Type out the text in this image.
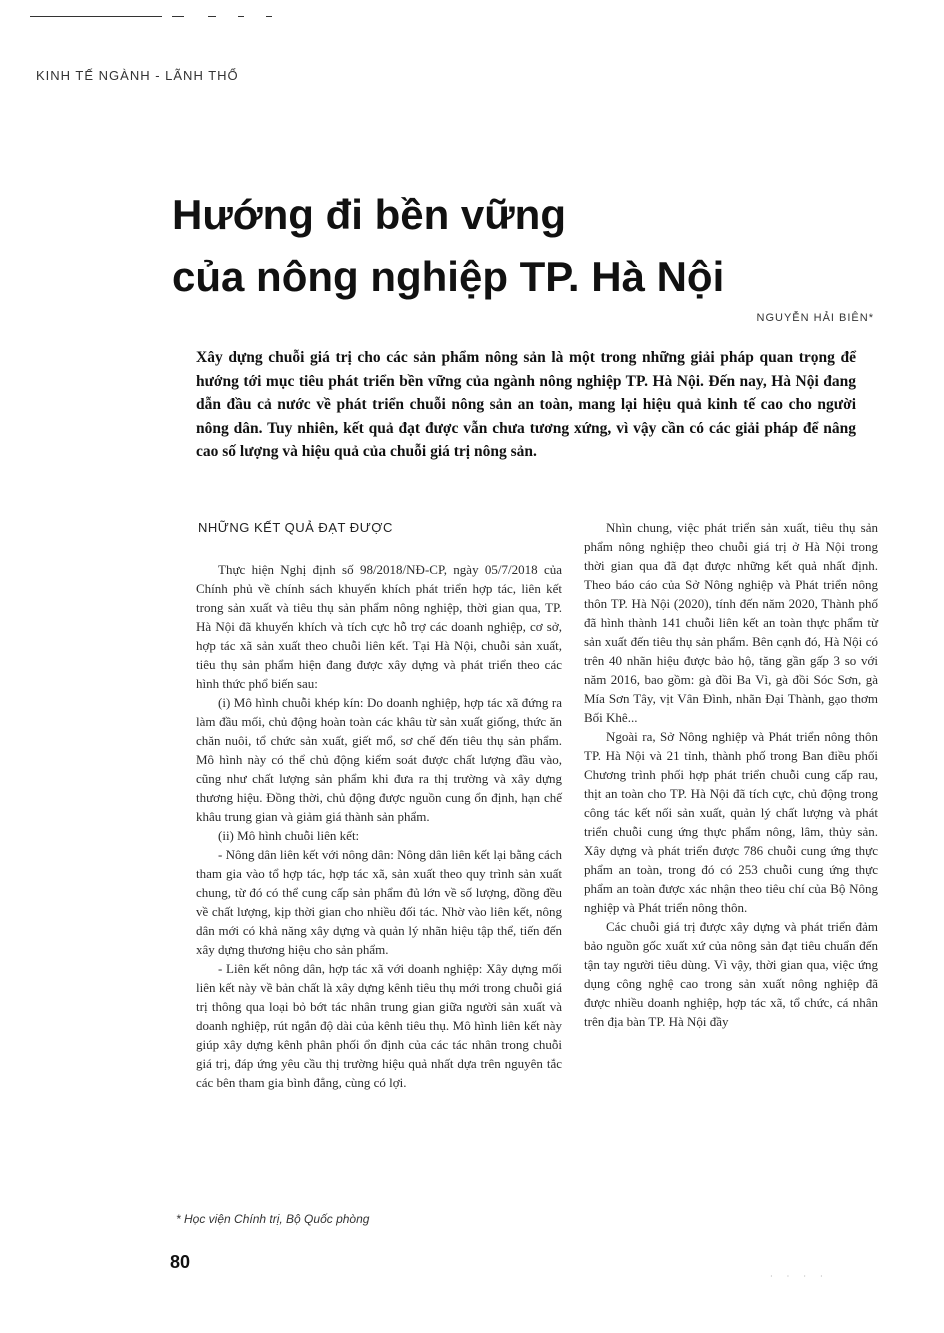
KINH TẾ NGÀNH - LÃNH THỔ
Hướng đi bền vững
của nông nghiệp TP. Hà Nội
NGUYỄN HẢI BIÊN*

Xây dựng chuỗi giá trị cho các sản phẩm nông sản là một trong những giải pháp quan trọng để hướng tới mục tiêu phát triển bền vững của ngành nông nghiệp TP. Hà Nội. Đến nay, Hà Nội đang dẫn đầu cả nước về phát triển chuỗi nông sản an toàn, mang lại hiệu quả kinh tế cao cho người nông dân. Tuy nhiên, kết quả đạt được vẫn chưa tương xứng, vì vậy cần có các giải pháp để nâng cao số lượng và hiệu quả của chuỗi giá trị nông sản.

NHỮNG KẾT QUẢ ĐẠT ĐƯỢC

Thực hiện Nghị định số 98/2018/NĐ-CP, ngày 05/7/2018 của Chính phủ về chính sách khuyến khích phát triển hợp tác, liên kết trong sản xuất và tiêu thụ sản phẩm nông nghiệp, thời gian qua, TP. Hà Nội đã khuyến khích và tích cực hỗ trợ các doanh nghiệp, cơ sở, hợp tác xã sản xuất theo chuỗi liên kết. Tại Hà Nội, chuỗi sản xuất, tiêu thụ sản phẩm hiện đang được xây dựng và phát triển theo các hình thức phổ biến sau:

(i) Mô hình chuỗi khép kín: Do doanh nghiệp, hợp tác xã đứng ra làm đầu mối, chủ động hoàn toàn các khâu từ sản xuất giống, thức ăn chăn nuôi, tổ chức sản xuất, giết mổ, sơ chế đến tiêu thụ sản phẩm. Mô hình này có thể chủ động kiểm soát được chất lượng đầu vào, cũng như chất lượng sản phẩm khi đưa ra thị trường và xây dựng thương hiệu. Đồng thời, chủ động được nguồn cung ổn định, hạn chế khâu trung gian và giảm giá thành sản phẩm.

(ii) Mô hình chuỗi liên kết:

- Nông dân liên kết với nông dân: Nông dân liên kết lại bằng cách tham gia vào tổ hợp tác, hợp tác xã, sản xuất theo quy trình sản xuất chung, từ đó có thể cung cấp sản phẩm đủ lớn về số lượng, đồng đều về chất lượng, kịp thời gian cho nhiều đối tác. Nhờ vào liên kết, nông dân mới có khả năng xây dựng và quản lý nhãn hiệu tập thể, tiến đến xây dựng thương hiệu cho sản phẩm.

- Liên kết nông dân, hợp tác xã với doanh nghiệp: Xây dựng mối liên kết này về bản chất là xây dựng kênh tiêu thụ mới trong chuỗi giá trị thông qua loại bỏ bớt tác nhân trung gian giữa người sản xuất và doanh nghiệp, rút ngắn độ dài của kênh tiêu thụ. Mô hình liên kết này giúp xây dựng kênh phân phối ổn định của các tác nhân trong chuỗi giá trị, đáp ứng yêu cầu thị trường hiệu quả nhất dựa trên nguyên tắc các bên tham gia bình đẳng, cùng có lợi.

Nhìn chung, việc phát triển sản xuất, tiêu thụ sản phẩm nông nghiệp theo chuỗi giá trị ở Hà Nội trong thời gian qua đã đạt được những kết quả nhất định. Theo báo cáo của Sở Nông nghiệp và Phát triển nông thôn TP. Hà Nội (2020), tính đến năm 2020, Thành phố đã hình thành 141 chuỗi liên kết an toàn thực phẩm từ sản xuất đến tiêu thụ sản phẩm. Bên cạnh đó, Hà Nội có trên 40 nhãn hiệu được bảo hộ, tăng gần gấp 3 so với năm 2016, bao gồm: gà đồi Ba Vì, gà đồi Sóc Sơn, gà Mía Sơn Tây, vịt Vân Đình, nhãn Đại Thành, gạo thơm Bối Khê...

Ngoài ra, Sở Nông nghiệp và Phát triển nông thôn TP. Hà Nội và 21 tỉnh, thành phố trong Ban điều phối Chương trình phối hợp phát triển chuỗi cung cấp rau, thịt an toàn cho TP. Hà Nội đã tích cực, chủ động trong công tác kết nối sản xuất, quản lý chất lượng và phát triển chuỗi cung ứng thực phẩm nông, lâm, thủy sản. Xây dựng và phát triển được 786 chuỗi cung ứng thực phẩm an toàn, trong đó có 253 chuỗi cung ứng thực phẩm an toàn được xác nhận theo tiêu chí của Bộ Nông nghiệp và Phát triển nông thôn.

Các chuỗi giá trị được xây dựng và phát triển đảm bảo nguồn gốc xuất xứ của nông sản đạt tiêu chuẩn đến tận tay người tiêu dùng. Vì vậy, thời gian qua, việc ứng dụng công nghệ cao trong sản xuất nông nghiệp đã được nhiều doanh nghiệp, hợp tác xã, tổ chức, cá nhân trên địa bàn TP. Hà Nội đầy

* Học viện Chính trị, Bộ Quốc phòng
80
· · · ·
